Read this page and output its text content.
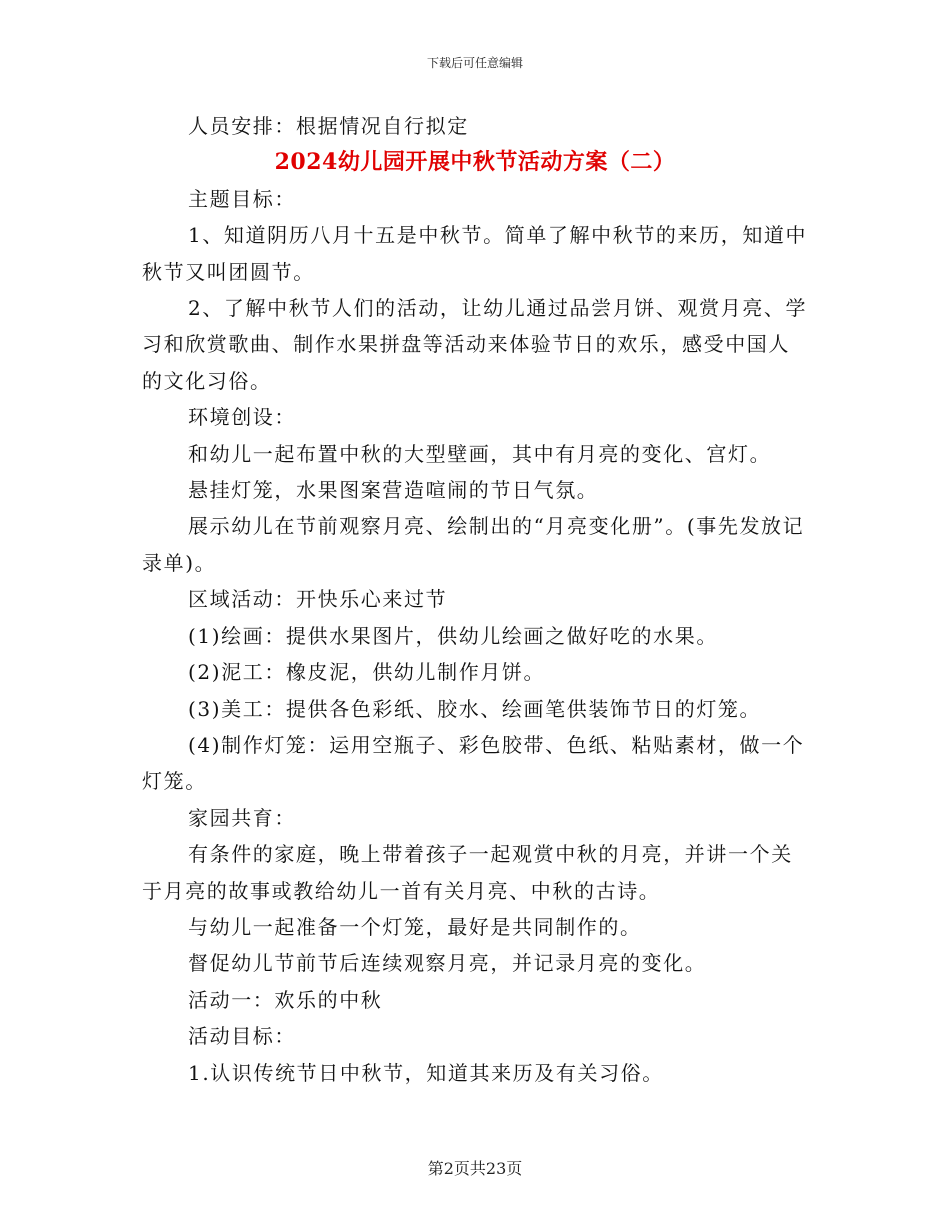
下载后可任意编辑

人员安排：根据情况自行拟定

2024幼儿园开展中秋节活动方案（二）

主题目标：

1、知道阴历八月十五是中秋节。简单了解中秋节的来历，知道中秋节又叫团圆节。

2、了解中秋节人们的活动，让幼儿通过品尝月饼、观赏月亮、学习和欣赏歌曲、制作水果拼盘等活动来体验节日的欢乐，感受中国人的文化习俗。

环境创设：

和幼儿一起布置中秋的大型壁画，其中有月亮的变化、宫灯。

悬挂灯笼，水果图案营造喧闹的节日气氛。

展示幼儿在节前观察月亮、绘制出的“月亮变化册”。(事先发放记录单)。

区域活动：开快乐心来过节

(1)绘画：提供水果图片，供幼儿绘画之做好吃的水果。

(2)泥工：橡皮泥，供幼儿制作月饼。

(3)美工：提供各色彩纸、胶水、绘画笔供装饰节日的灯笼。

(4)制作灯笼：运用空瓶子、彩色胶带、色纸、粘贴素材，做一个灯笼。

家园共育：

有条件的家庭，晚上带着孩子一起观赏中秋的月亮，并讲一个关于月亮的故事或教给幼儿一首有关月亮、中秋的古诗。

与幼儿一起准备一个灯笼，最好是共同制作的。

督促幼儿节前节后连续观察月亮，并记录月亮的变化。

活动一：欢乐的中秋

活动目标：

1.认识传统节日中秋节，知道其来历及有关习俗。

第2页共23页
